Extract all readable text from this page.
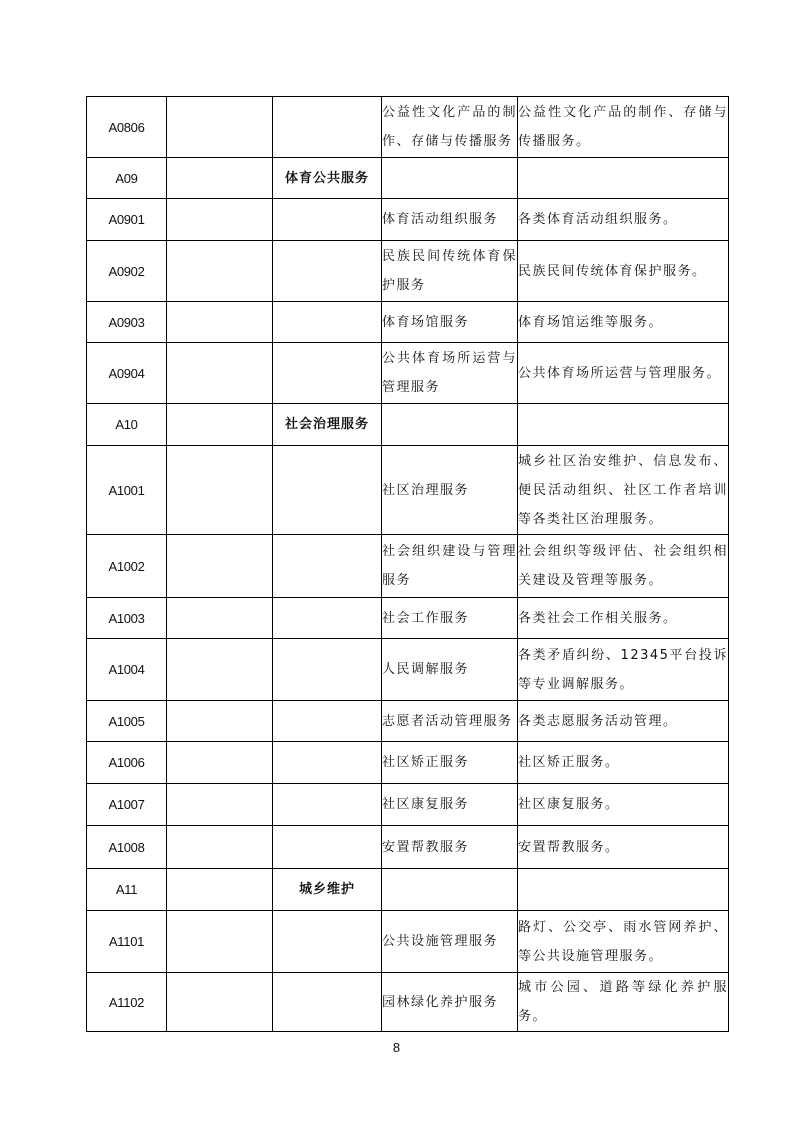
A0806			公益性文化产品的制作、存储与传播服务	公益性文化产品的制作、存储与传播服务。
A09		体育公共服务		
A0901			体育活动组织服务	各类体育活动组织服务。
A0902			民族民间传统体育保护服务	民族民间传统体育保护服务。
A0903			体育场馆服务	体育场馆运维等服务。
A0904			公共体育场所运营与管理服务	公共体育场所运营与管理服务。
A10		社会治理服务		
A1001			社区治理服务	城乡社区治安维护、信息发布、便民活动组织、社区工作者培训等各类社区治理服务。
A1002			社会组织建设与管理服务	社会组织等级评估、社会组织相关建设及管理等服务。
A1003			社会工作服务	各类社会工作相关服务。
A1004			人民调解服务	各类矛盾纠纷、12345平台投诉等专业调解服务。
A1005			志愿者活动管理服务	各类志愿服务活动管理。
A1006			社区矫正服务	社区矫正服务。
A1007			社区康复服务	社区康复服务。
A1008			安置帮教服务	安置帮教服务。
A11		城乡维护		
A1101			公共设施管理服务	路灯、公交亭、雨水管网养护、等公共设施管理服务。
A1102			园林绿化养护服务	城市公园、道路等绿化养护服务。
8
